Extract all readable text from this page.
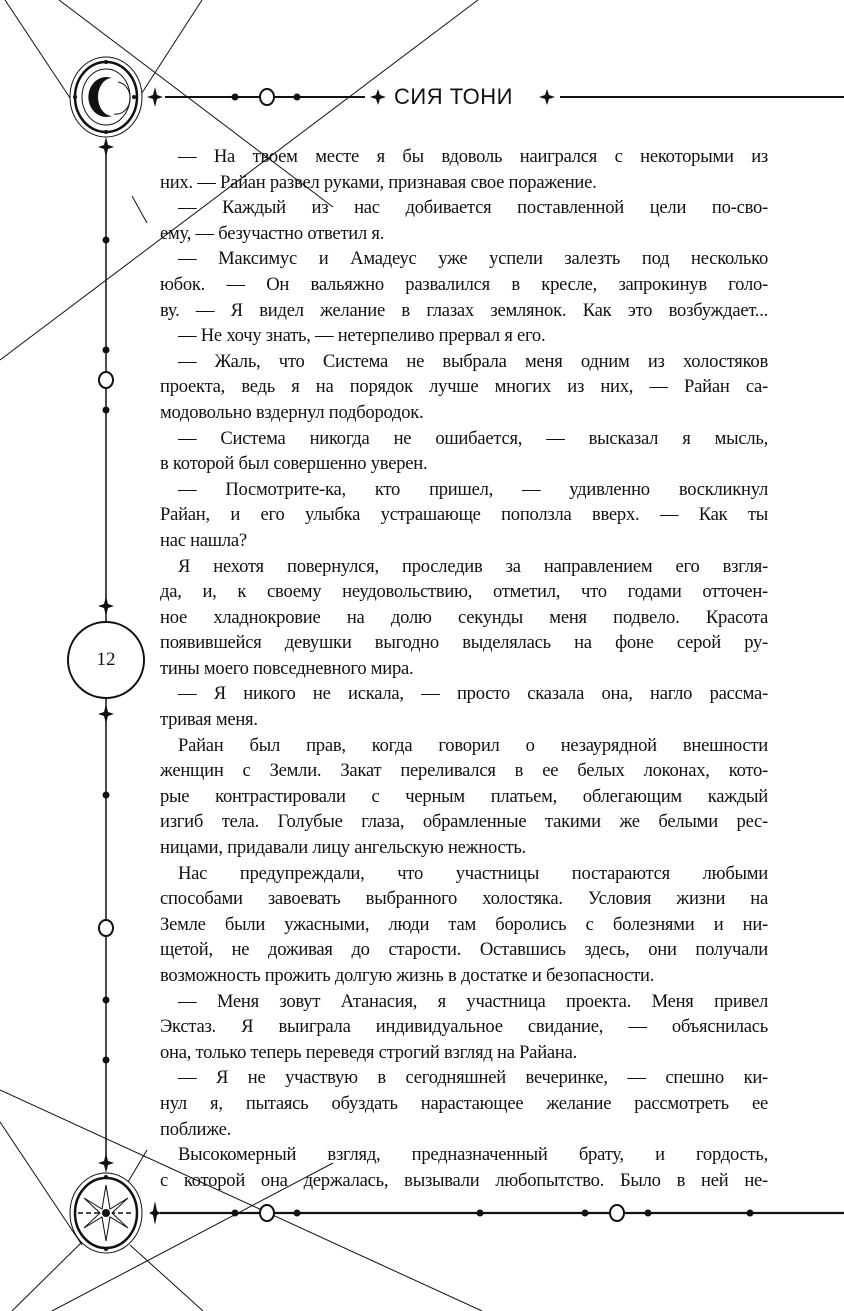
СИЯ ТОНИ
12
— На твоем месте я бы вдоволь наигрался с некоторыми из
них. — Райан развел руками, признавая свое поражение.
— Каждый из нас добивается поставленной цели по-сво-
ему, — безучастно ответил я.
— Максимус и Амадеус уже успели залезть под несколько
юбок. — Он вальяжно развалился в кресле, запрокинув голо-
ву. — Я видел желание в глазах землянок. Как это возбуждает...
— Не хочу знать, — нетерпеливо прервал я его.
— Жаль, что Система не выбрала меня одним из холостяков
проекта, ведь я на порядок лучше многих из них, — Райан са-
модовольно вздернул подбородок.
— Система никогда не ошибается, — высказал я мысль,
в которой был совершенно уверен.
— Посмотрите-ка, кто пришел, — удивленно воскликнул
Райан, и его улыбка устрашающе поползла вверх. — Как ты
нас нашла?
Я нехотя повернулся, проследив за направлением его взгля-
да, и, к своему неудовольствию, отметил, что годами отточен-
ное хладнокровие на долю секунды меня подвело. Красота
появившейся девушки выгодно выделялась на фоне серой ру-
тины моего повседневного мира.
— Я никого не искала, — просто сказала она, нагло рассма-
тривая меня.
Райан был прав, когда говорил о незаурядной внешности
женщин с Земли. Закат переливался в ее белых локонах, кото-
рые контрастировали с черным платьем, облегающим каждый
изгиб тела. Голубые глаза, обрамленные такими же белыми рес-
ницами, придавали лицу ангельскую нежность.
Нас предупреждали, что участницы постараются любыми
способами завоевать выбранного холостяка. Условия жизни на
Земле были ужасными, люди там боролись с болезнями и ни-
щетой, не доживая до старости. Оставшись здесь, они получали
возможность прожить долгую жизнь в достатке и безопасности.
— Меня зовут Атанасия, я участница проекта. Меня привел
Экстаз. Я выиграла индивидуальное свидание, — объяснилась
она, только теперь переведя строгий взгляд на Райана.
— Я не участвую в сегодняшней вечеринке, — спешно ки-
нул я, пытаясь обуздать нарастающее желание рассмотреть ее
поближе.
Высокомерный взгляд, предназначенный брату, и гордость,
с которой она держалась, вызывали любопытство. Было в ней не-
